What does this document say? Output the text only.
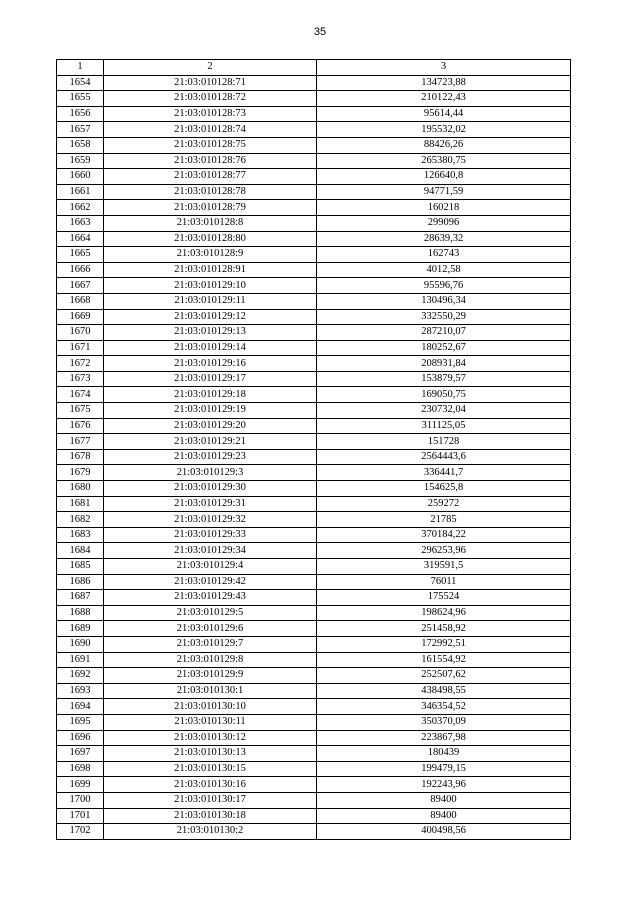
35
1	2	3
1654	21:03:010128:71	134723,88
1655	21:03:010128:72	210122,43
1656	21:03:010128:73	95614,44
1657	21:03:010128:74	195532,02
1658	21:03:010128:75	88426,26
1659	21:03:010128:76	265380,75
1660	21:03:010128:77	126640,8
1661	21:03:010128:78	94771,59
1662	21:03:010128:79	160218
1663	21:03:010128:8	299096
1664	21:03:010128:80	28639,32
1665	21:03:010128:9	162743
1666	21:03:010128:91	4012,58
1667	21:03:010129:10	95596,76
1668	21:03:010129:11	130496,34
1669	21:03:010129:12	332550,29
1670	21:03:010129:13	287210,07
1671	21:03:010129:14	180252,67
1672	21:03:010129:16	208931,84
1673	21:03:010129:17	153879,57
1674	21:03:010129:18	169050,75
1675	21:03:010129:19	230732,04
1676	21:03:010129:20	311125,05
1677	21:03:010129:21	151728
1678	21:03:010129:23	2564443,6
1679	21:03:010129:3	336441,7
1680	21:03:010129:30	154625,8
1681	21:03:010129:31	259272
1682	21:03:010129:32	21785
1683	21:03:010129:33	370184,22
1684	21:03:010129:34	296253,96
1685	21:03:010129:4	319591,5
1686	21:03:010129:42	76011
1687	21:03:010129:43	175524
1688	21:03:010129:5	198624,96
1689	21:03:010129:6	251458,92
1690	21:03:010129:7	172992,51
1691	21:03:010129:8	161554,92
1692	21:03:010129:9	252507,62
1693	21:03:010130:1	438498,55
1694	21:03:010130:10	346354,52
1695	21:03:010130:11	350370,09
1696	21:03:010130:12	223867,98
1697	21:03:010130:13	180439
1698	21:03:010130:15	199479,15
1699	21:03:010130:16	192243,96
1700	21:03:010130:17	89400
1701	21:03:010130:18	89400
1702	21:03:010130:2	400498,56
